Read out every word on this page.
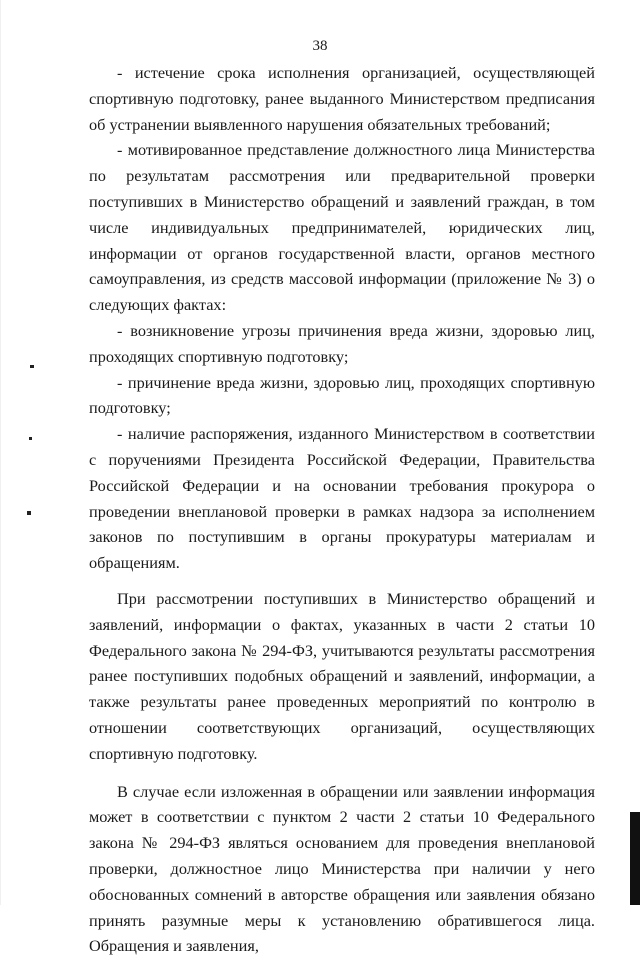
38

- истечение срока исполнения организацией, осуществляющей спортивную подготовку, ранее выданного Министерством предписания об устранении выявленного нарушения обязательных требований;

- мотивированное представление должностного лица Министерства по результатам рассмотрения или предварительной проверки поступивших в Министерство обращений и заявлений граждан, в том числе индивидуальных предпринимателей, юридических лиц, информации от органов государственной власти, органов местного самоуправления, из средств массовой информации (приложение № 3) о следующих фактах:

- возникновение угрозы причинения вреда жизни, здоровью лиц, проходящих спортивную подготовку;

- причинение вреда жизни, здоровью лиц, проходящих спортивную подготовку;

- наличие распоряжения, изданного Министерством в соответствии с поручениями Президента Российской Федерации, Правительства Российской Федерации и на основании требования прокурора о проведении внеплановой проверки в рамках надзора за исполнением законов по поступившим в органы прокуратуры материалам и обращениям.

При рассмотрении поступивших в Министерство обращений и заявлений, информации о фактах, указанных в части 2 статьи 10 Федерального закона № 294-ФЗ, учитываются результаты рассмотрения ранее поступивших подобных обращений и заявлений, информации, а также результаты ранее проведенных мероприятий по контролю в отношении соответствующих организаций, осуществляющих спортивную подготовку.

В случае если изложенная в обращении или заявлении информация может в соответствии с пунктом 2 части 2 статьи 10 Федерального закона № 294-ФЗ являться основанием для проведения внеплановой проверки, должностное лицо Министерства при наличии у него обоснованных сомнений в авторстве обращения или заявления обязано принять разумные меры к установлению обратившегося лица. Обращения и заявления,
